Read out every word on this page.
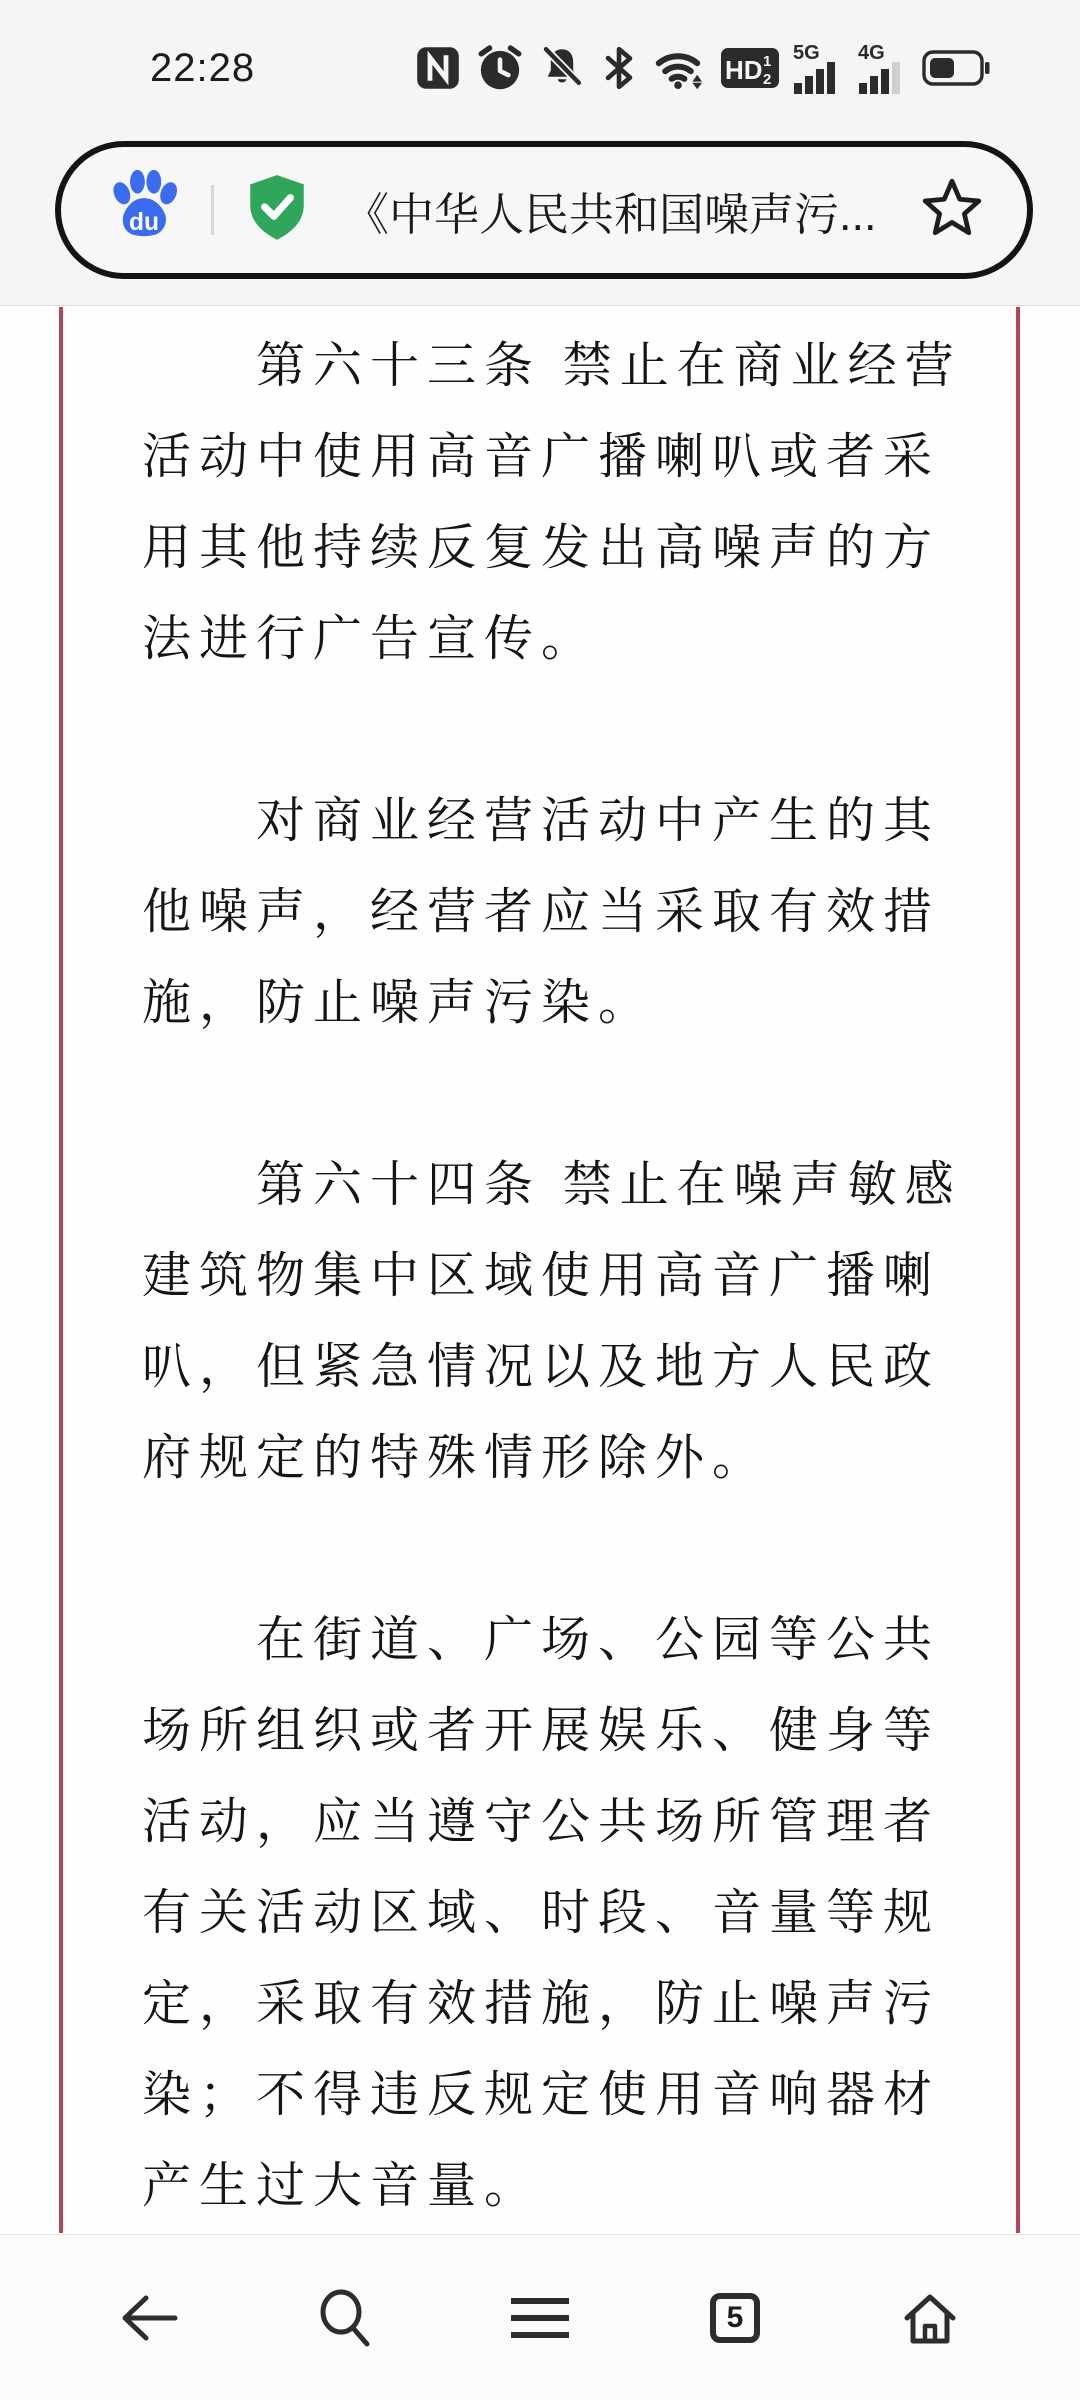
22:28	HD 1
2
5G 4G
du	《中华人民共和国噪声污...
　　第六十三条 禁止在商业经营
活动中使用高音广播喇叭或者采
用其他持续反复发出高噪声的方
法进行广告宣传。
　　对商业经营活动中产生的其
他噪声，经营者应当采取有效措
施，防止噪声污染。
　　第六十四条 禁止在噪声敏感
建筑物集中区域使用高音广播喇
叭，但紧急情况以及地方人民政
府规定的特殊情形除外。
　　在街道、广场、公园等公共
场所组织或者开展娱乐、健身等
活动，应当遵守公共场所管理者
有关活动区域、时段、音量等规
定，采取有效措施，防止噪声污
染；不得违反规定使用音响器材
产生过大音量。
5
